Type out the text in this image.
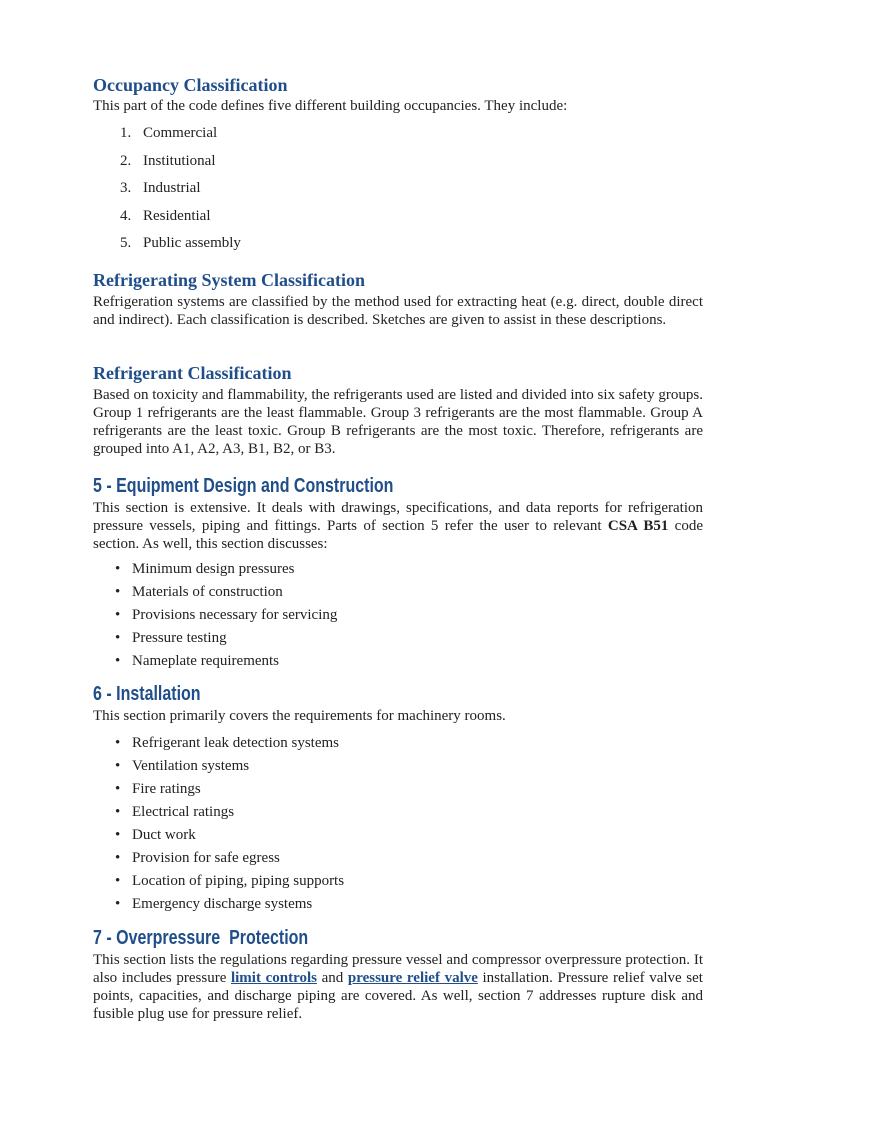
Occupancy Classification

This part of the code defines five different building occupancies. They include:

1. Commercial
2. Institutional
3. Industrial
4. Residential
5. Public assembly
Refrigerating System Classification

Refrigeration systems are classified by the method used for extracting heat (e.g. direct, double direct and indirect). Each classification is described. Sketches are given to assist in these descriptions.

Refrigerant Classification

Based on toxicity and flammability, the refrigerants used are listed and divided into six safety groups. Group 1 refrigerants are the least flammable. Group 3 refrigerants are the most flammable. Group A refrigerants are the least toxic. Group B refrigerants are the most toxic. Therefore, refrigerants are grouped into A1, A2, A3, B1, B2, or B3.

5 - Equipment Design and Construction

This section is extensive. It deals with drawings, specifications, and data reports for refrigeration pressure vessels, piping and fittings. Parts of section 5 refer the user to relevant CSA B51 code section. As well, this section discusses:

• Minimum design pressures
• Materials of construction
• Provisions necessary for servicing
• Pressure testing
• Nameplate requirements
6 - Installation

This section primarily covers the requirements for machinery rooms.

• Refrigerant leak detection systems
• Ventilation systems
• Fire ratings
• Electrical ratings
• Duct work
• Provision for safe egress
• Location of piping, piping supports
• Emergency discharge systems
7 - Overpressure  Protection

This section lists the regulations regarding pressure vessel and compressor overpressure protection. It also includes pressure limit controls and pressure relief valve installation. Pressure relief valve set points, capacities, and discharge piping are covered. As well, section 7 addresses rupture disk and fusible plug use for pressure relief.
